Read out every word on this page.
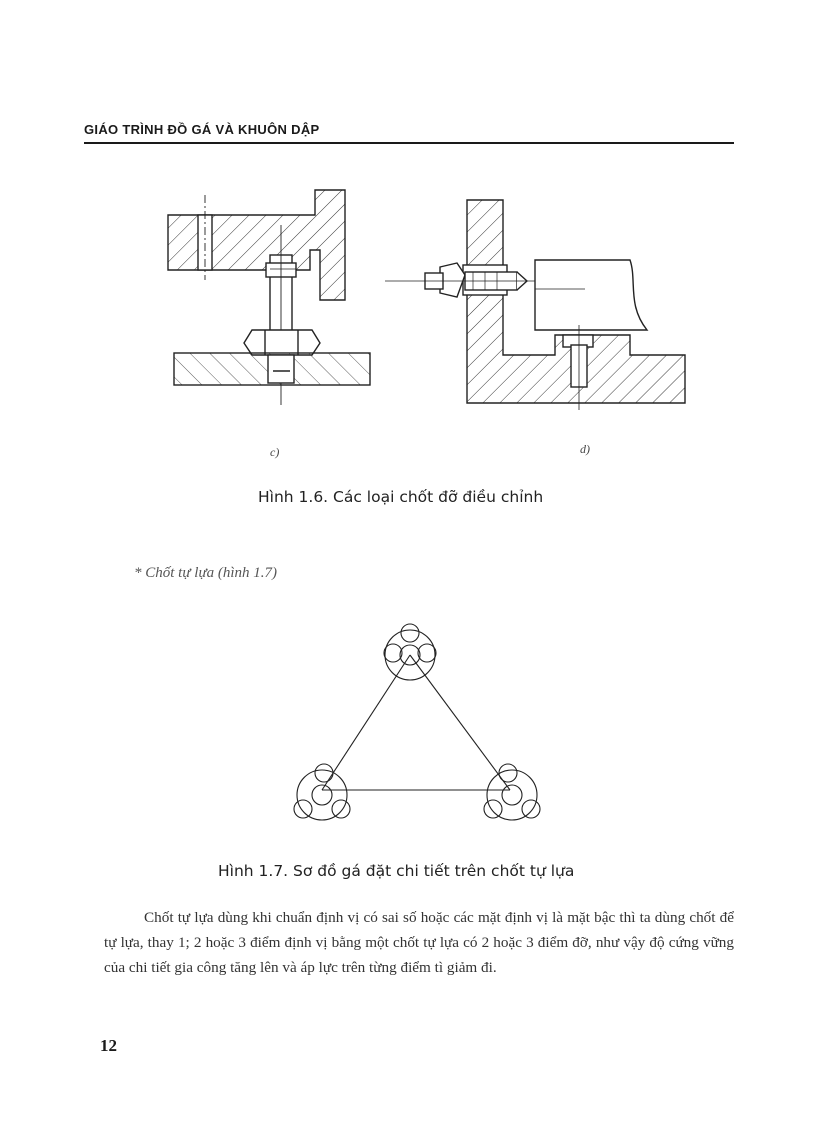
GIÁO TRÌNH ĐỒ GÁ VÀ KHUÔN DẬP
c)	d)
Hình 1.6. Các loại chốt đỡ điều chỉnh
* Chốt tự lựa (hình 1.7)
Hình 1.7. Sơ đồ gá đặt chi tiết trên chốt tự lựa

Chốt tự lựa dùng khi chuẩn định vị có sai số hoặc các mặt định vị là mặt bậc thì ta dùng chốt để tự lựa, thay 1; 2 hoặc 3 điểm định vị bằng một chốt tự lựa có 2 hoặc 3 điểm đỡ, như vậy độ cứng vững của chi tiết gia công tăng lên và áp lực trên từng điểm tì giảm đi.

12
